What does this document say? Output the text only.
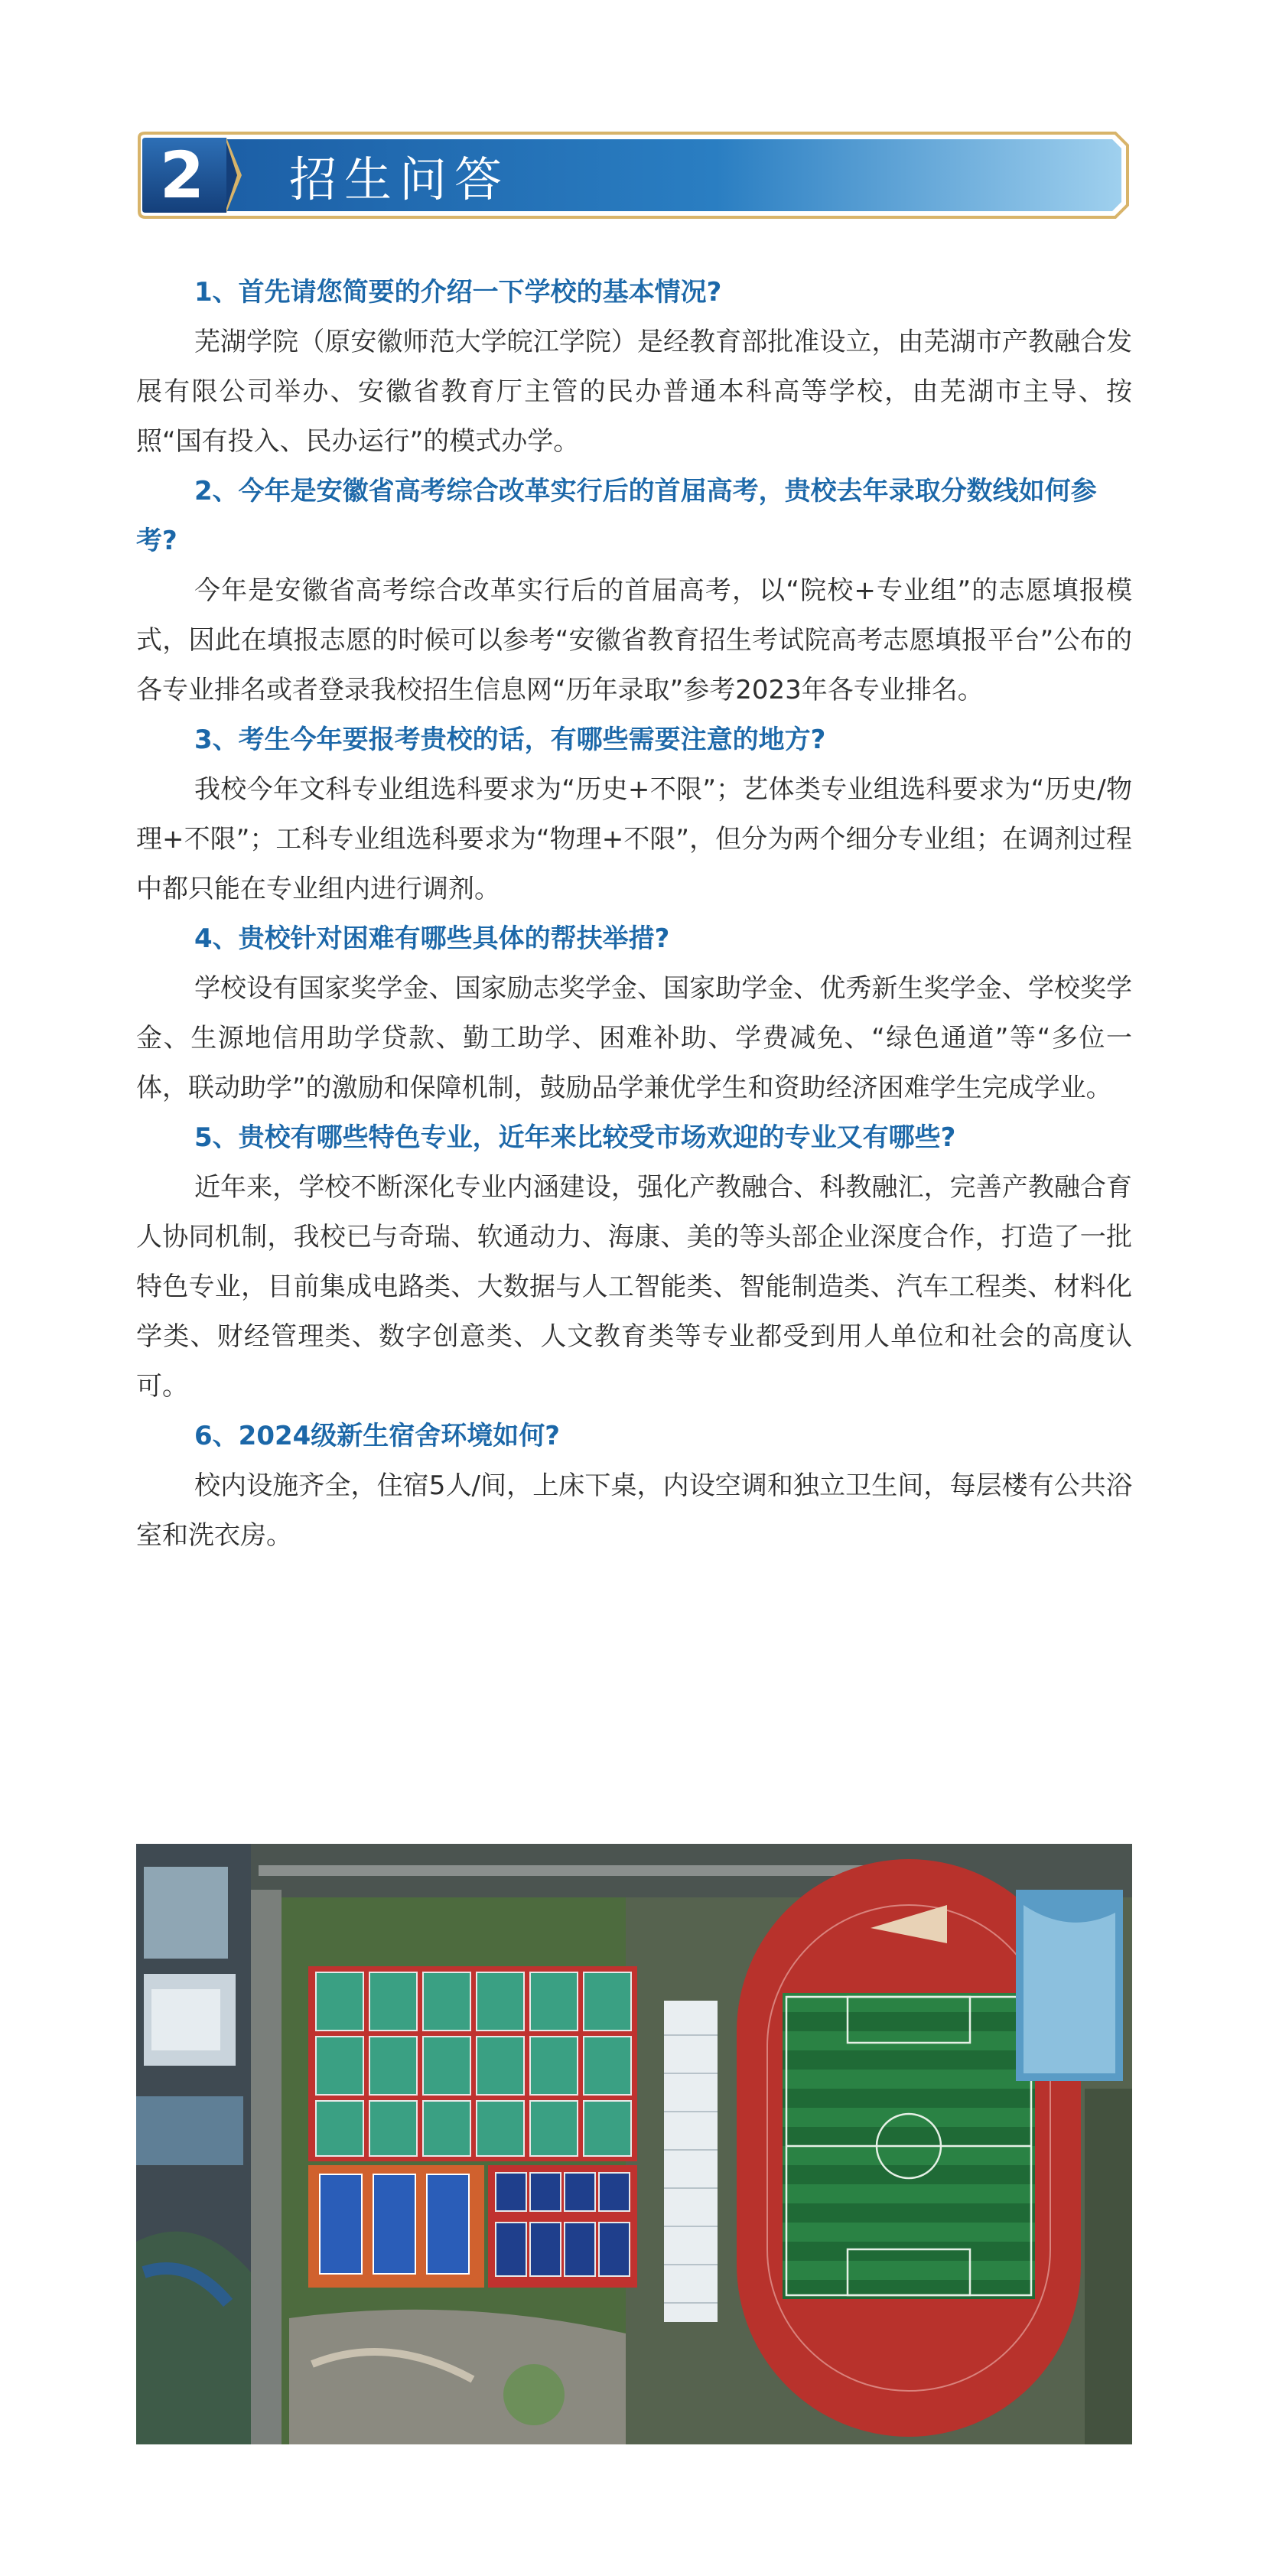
2	招生问答

1、首先请您简要的介绍一下学校的基本情况?

芜湖学院（原安徽师范大学皖江学院）是经教育部批准设立，由芜湖市产教融合发展有限公司举办、安徽省教育厅主管的民办普通本科高等学校，由芜湖市主导、按照“国有投入、民办运行”的模式办学。

2、今年是安徽省高考综合改革实行后的首届高考，贵校去年录取分数线如何参考?

今年是安徽省高考综合改革实行后的首届高考，以“院校+专业组”的志愿填报模式，因此在填报志愿的时候可以参考“安徽省教育招生考试院高考志愿填报平台”公布的各专业排名或者登录我校招生信息网“历年录取”参考2023年各专业排名。

3、考生今年要报考贵校的话，有哪些需要注意的地方?

我校今年文科专业组选科要求为“历史+不限”；艺体类专业组选科要求为“历史/物理+不限”；工科专业组选科要求为“物理+不限”，但分为两个细分专业组；在调剂过程中都只能在专业组内进行调剂。

4、贵校针对困难有哪些具体的帮扶举措?

学校设有国家奖学金、国家励志奖学金、国家助学金、优秀新生奖学金、学校奖学金、生源地信用助学贷款、勤工助学、困难补助、学费减免、“绿色通道”等“多位一体，联动助学”的激励和保障机制，鼓励品学兼优学生和资助经济困难学生完成学业。

5、贵校有哪些特色专业，近年来比较受市场欢迎的专业又有哪些?

近年来，学校不断深化专业内涵建设，强化产教融合、科教融汇，完善产教融合育人协同机制，我校已与奇瑞、软通动力、海康、美的等头部企业深度合作，打造了一批特色专业，目前集成电路类、大数据与人工智能类、智能制造类、汽车工程类、材料化学类、财经管理类、数字创意类、人文教育类等专业都受到用人单位和社会的高度认可。

6、2024级新生宿舍环境如何?

校内设施齐全，住宿5人/间，上床下桌，内设空调和独立卫生间，每层楼有公共浴室和洗衣房。
